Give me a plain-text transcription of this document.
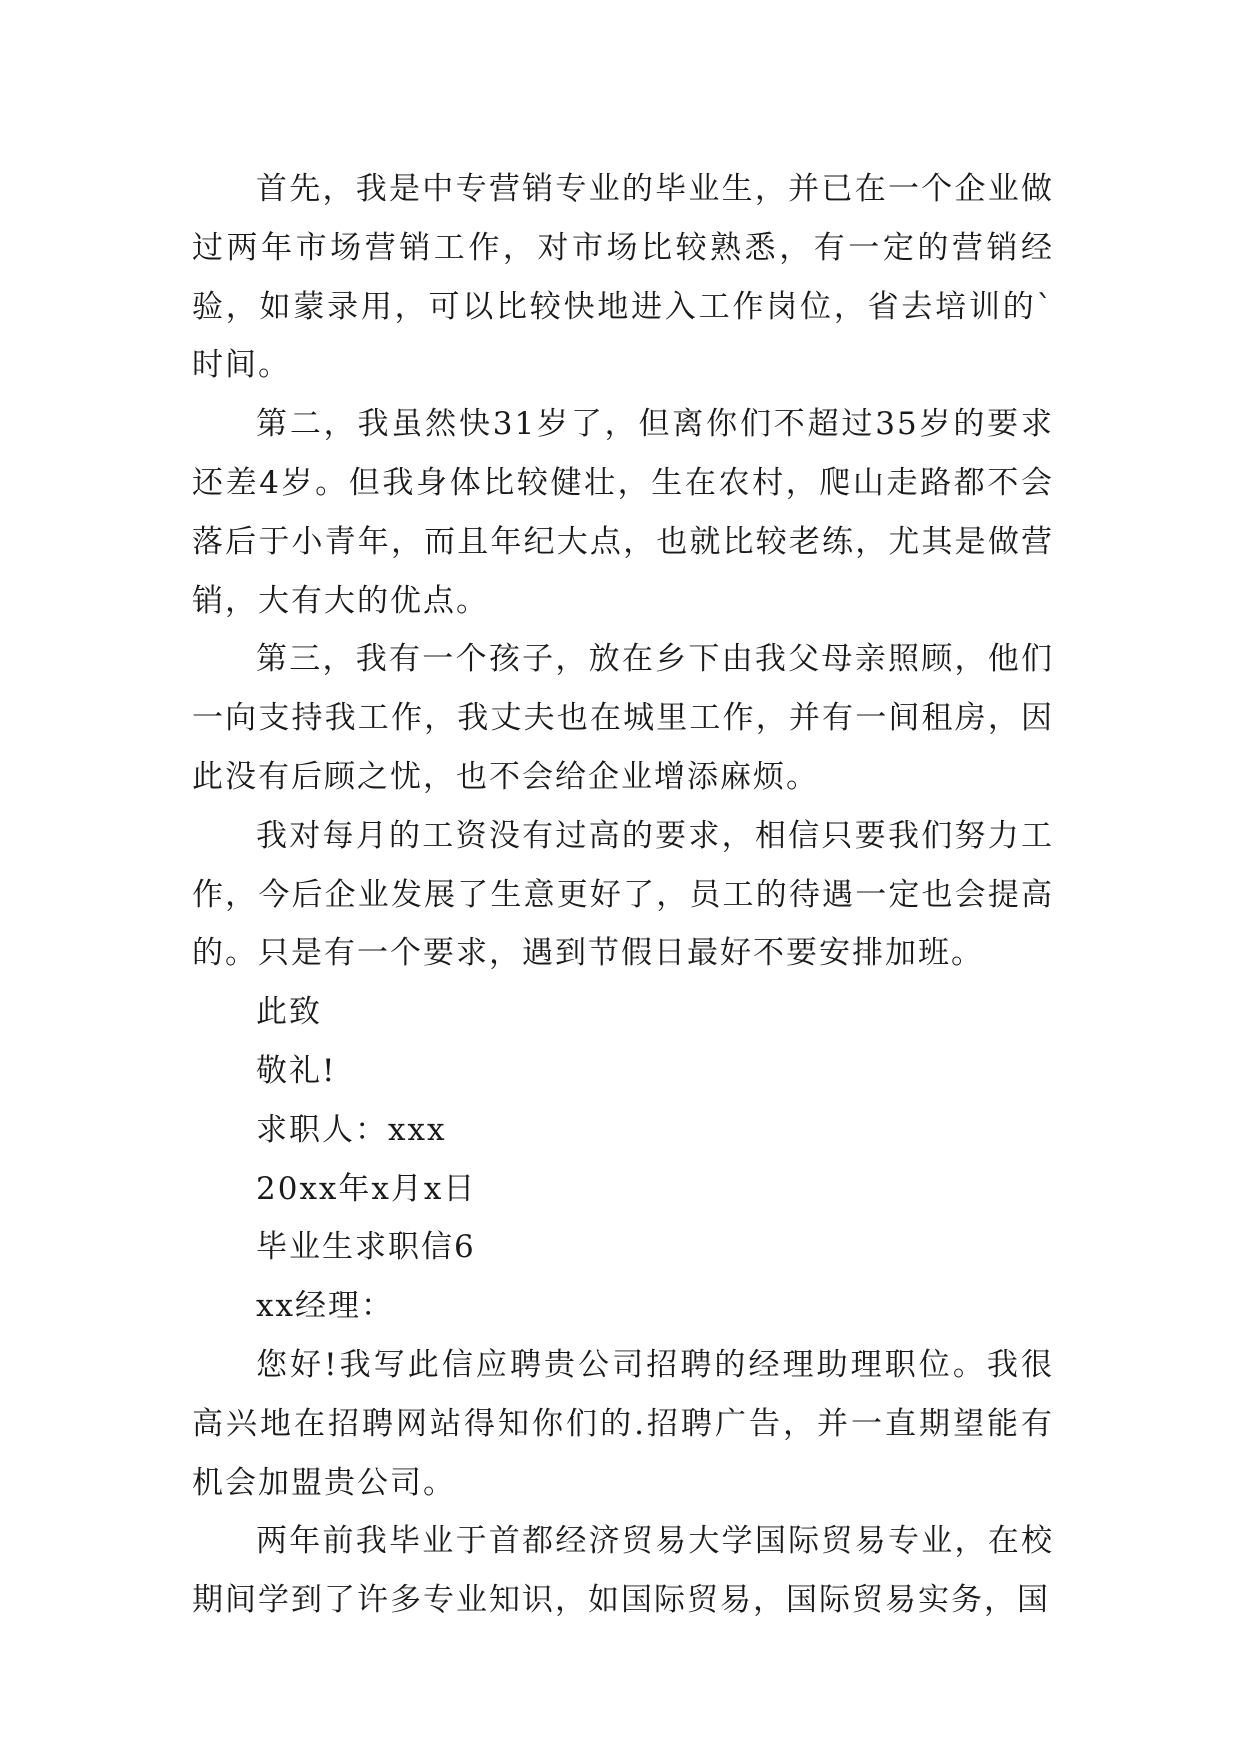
首先，我是中专营销专业的毕业生，并已在一个企业做过两年市场营销工作，对市场比较熟悉，有一定的营销经验，如蒙录用，可以比较快地进入工作岗位，省去培训的`时间。

第二，我虽然快31岁了，但离你们不超过35岁的要求还差4岁。但我身体比较健壮，生在农村，爬山走路都不会落后于小青年，而且年纪大点，也就比较老练，尤其是做营销，大有大的优点。

第三，我有一个孩子，放在乡下由我父母亲照顾，他们一向支持我工作，我丈夫也在城里工作，并有一间租房，因此没有后顾之忧，也不会给企业增添麻烦。

我对每月的工资没有过高的要求，相信只要我们努力工作，今后企业发展了生意更好了，员工的待遇一定也会提高的。只是有一个要求，遇到节假日最好不要安排加班。

此致

敬礼!

求职人：xxx

20xx年x月x日

毕业生求职信6

xx经理：

您好!我写此信应聘贵公司招聘的经理助理职位。我很高兴地在招聘网站得知你们的.招聘广告，并一直期望能有机会加盟贵公司。

两年前我毕业于首都经济贸易大学国际贸易专业，在校期间学到了许多专业知识，如国际贸易，国际贸易实务，国
